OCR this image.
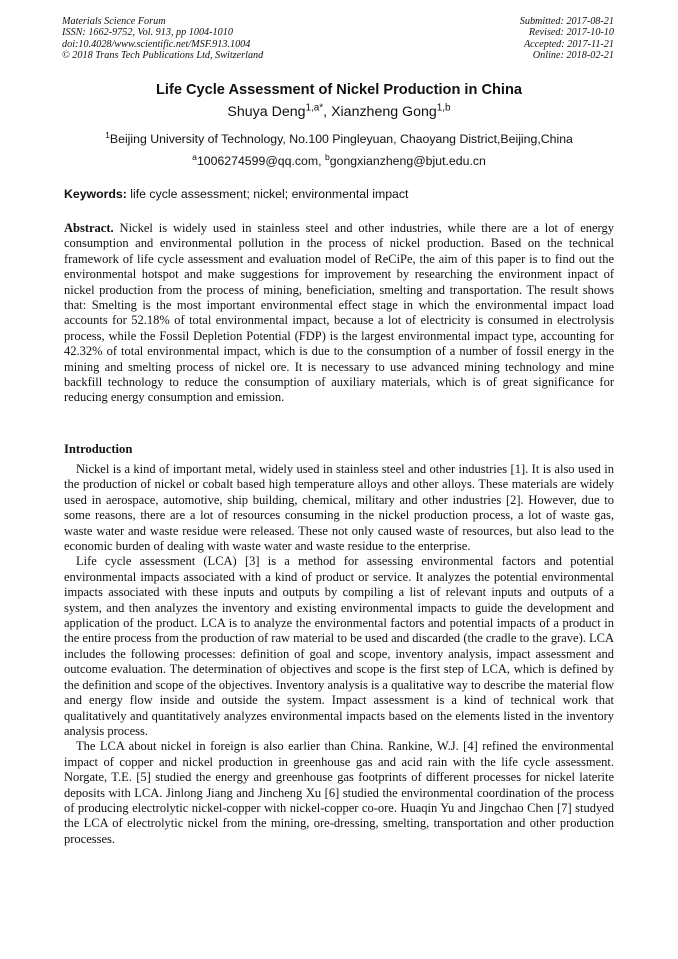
Materials Science Forum
ISSN: 1662-9752, Vol. 913, pp 1004-1010
doi:10.4028/www.scientific.net/MSF.913.1004
© 2018 Trans Tech Publications Ltd, Switzerland
Submitted: 2017-08-21
Revised: 2017-10-10
Accepted: 2017-11-21
Online: 2018-02-21
Life Cycle Assessment of Nickel Production in China
Shuya Deng$^{1,a*}$, Xianzheng Gong$^{1,b}$
$^1$Beijing University of Technology, No.100 Pingleyuan, Chaoyang District,Beijing,China
$^a$1006274599@qq.com, $^b$gongxianzheng@bjut.edu.cn
Keywords: life cycle assessment; nickel; environmental impact
Abstract. Nickel is widely used in stainless steel and other industries, while there are a lot of energy consumption and environmental pollution in the process of nickel production. Based on the technical framework of life cycle assessment and evaluation model of ReCiPe, the aim of this paper is to find out the environmental hotspot and make suggestions for improvement by researching the environment inpact of nickel production from the process of mining, beneficiation, smelting and transportation. The result shows that: Smelting is the most important environmental effect stage in which the environmental impact load accounts for 52.18% of total environmental impact, because a lot of electricity is consumed in electrolysis process, while the Fossil Depletion Potential (FDP) is the largest environmental impact type, accounting for 42.32% of total environmental impact, which is due to the consumption of a number of fossil energy in the mining and smelting process of nickel ore. It is necessary to use advanced mining technology and mine backfill technology to reduce the consumption of auxiliary materials, which is of great significance for reducing energy consumption and emission.
Introduction

Nickel is a kind of important metal, widely used in stainless steel and other industries [1]. It is also used in the production of nickel or cobalt based high temperature alloys and other alloys. These materials are widely used in aerospace, automotive, ship building, chemical, military and other industries [2]. However, due to some reasons, there are a lot of resources consuming in the nickel production process, a lot of waste gas, waste water and waste residue were released. These not only caused waste of resources, but also lead to the economic burden of dealing with waste water and waste residue to the enterprise.

Life cycle assessment (LCA) [3] is a method for assessing environmental factors and potential environmental impacts associated with a kind of product or service. It analyzes the potential environmental impacts associated with these inputs and outputs by compiling a list of relevant inputs and outputs of a system, and then analyzes the inventory and existing environmental impacts to guide the development and application of the product. LCA is to analyze the environmental factors and potential impacts of a product in the entire process from the production of raw material to be used and discarded (the cradle to the grave). LCA includes the following processes: definition of goal and scope, inventory analysis, impact assessment and outcome evaluation. The determination of objectives and scope is the first step of LCA, which is defined by the definition and scope of the objectives. Inventory analysis is a qualitative way to describe the material flow and energy flow inside and outside the system. Impact assessment is a kind of technical work that qualitatively and quantitatively analyzes environmental impacts based on the elements listed in the inventory analysis process.

The LCA about nickel in foreign is also earlier than China. Rankine, W.J. [4] refined the environmental impact of copper and nickel production in greenhouse gas and acid rain with the life cycle assessment. Norgate, T.E. [5] studied the energy and greenhouse gas footprints of different processes for nickel laterite deposits with LCA. Jinlong Jiang and Jincheng Xu [6] studied the environmental coordination of the process of producing electrolytic nickel-copper with nickel-copper co-ore. Huaqin Yu and Jingchao Chen [7] studyed the LCA of electrolytic nickel from the mining, ore-dressing, smelting, transportation and other production processes.
